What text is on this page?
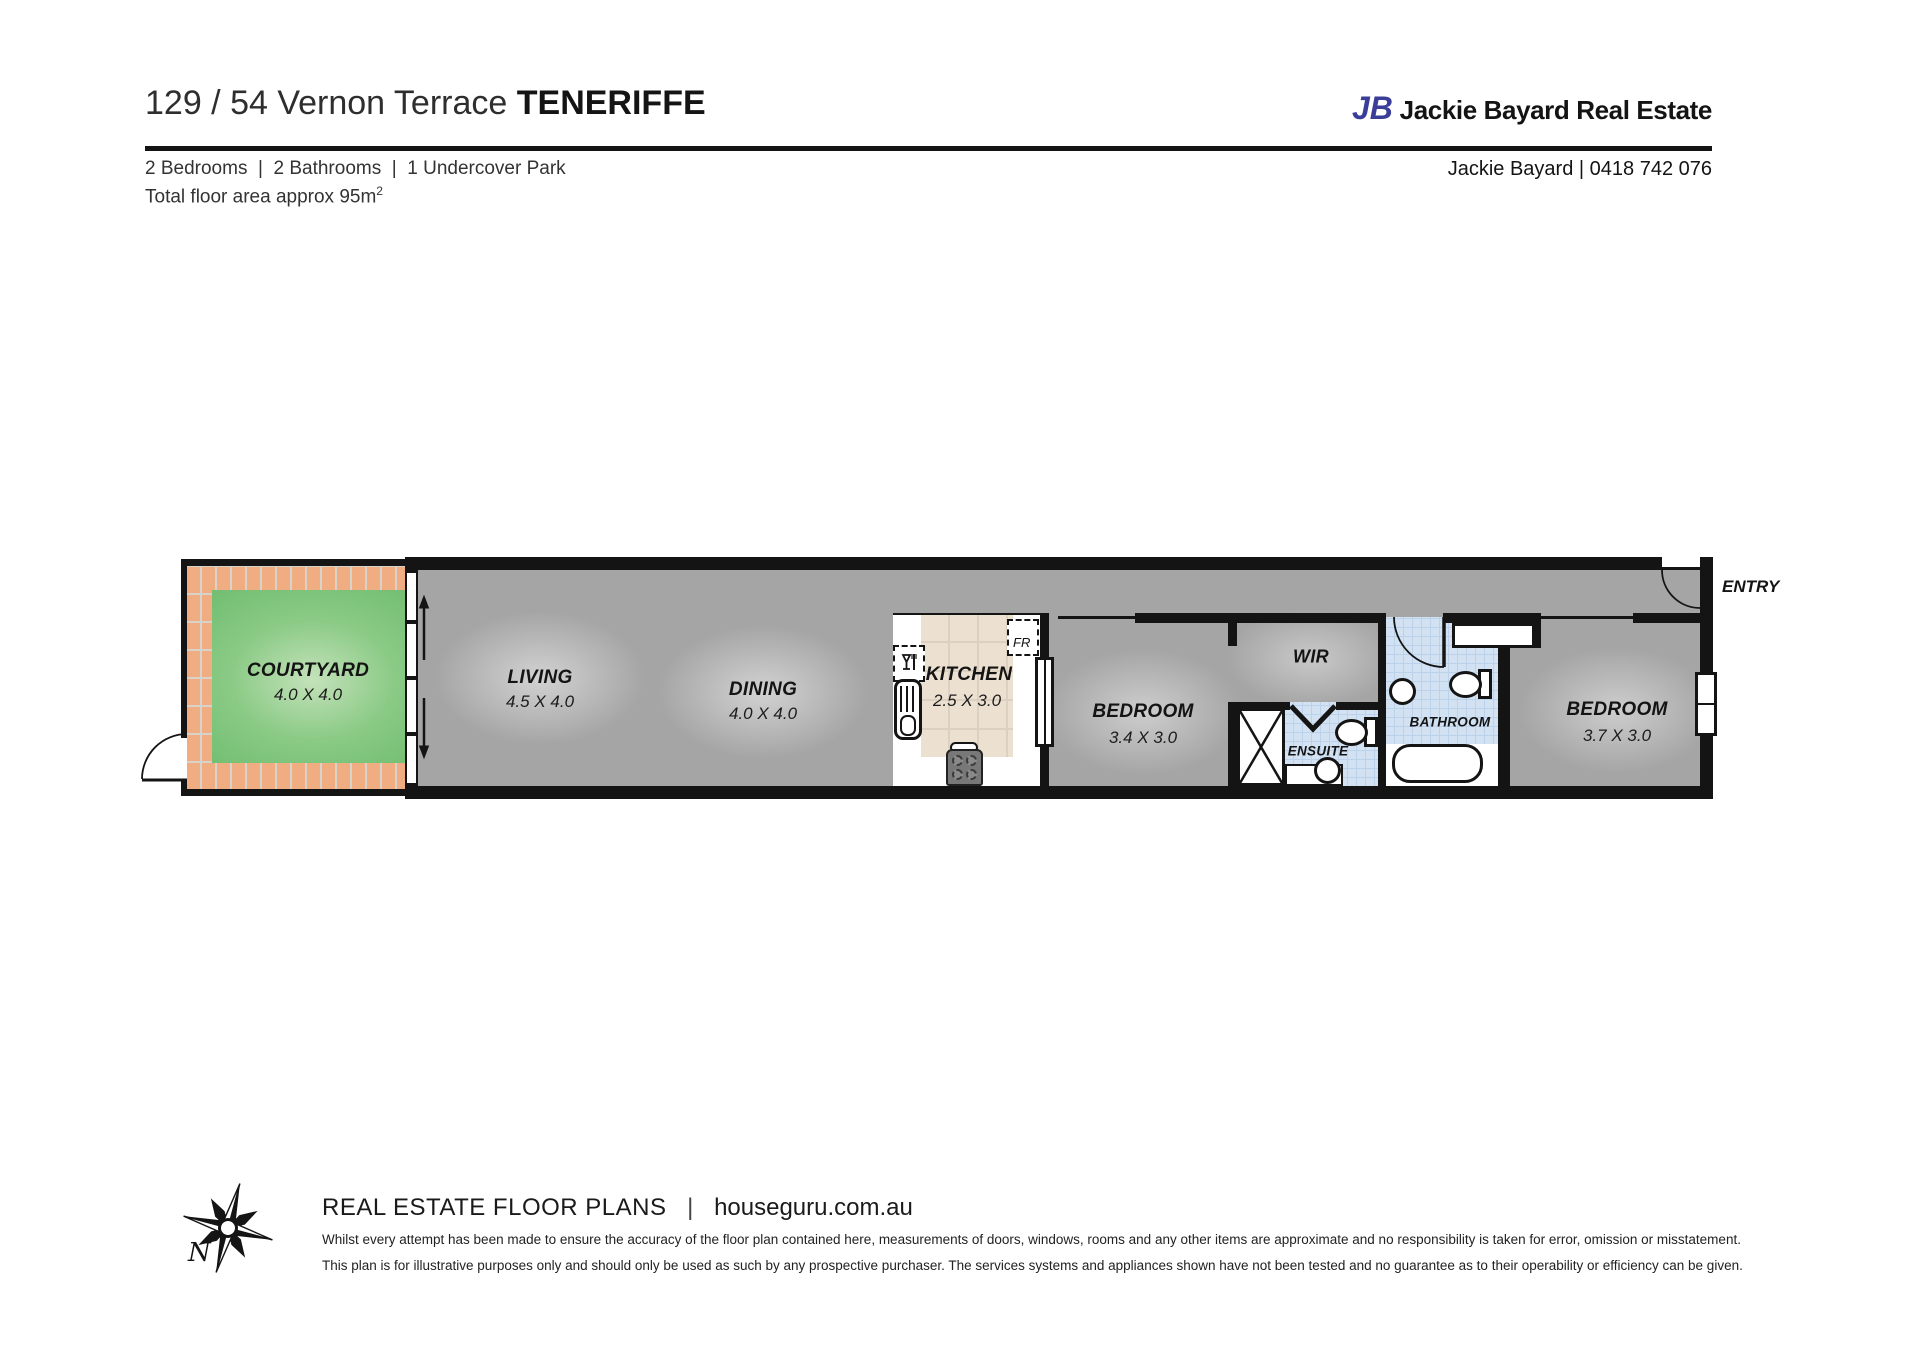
129 / 54 Vernon Terrace TENERIFFE	JB Jackie Bayard Real Estate
2 Bedrooms  |  2 Bathrooms  |  1 Undercover Park
Total floor area approx $95m^2$
Jackie Bayard | 0418 742 076
FR
COURTYARD
4.0 X 4.0
LIVING
4.5 X 4.0
DINING
4.0 X 4.0
KITCHEN
2.5 X 3.0
BEDROOM
3.4 X 3.0
WIR
ENSUITE
BATHROOM
BEDROOM
3.7 X 3.0
ENTRY
N
REAL ESTATE FLOOR PLANS | houseguru.com.au
Whilst every attempt has been made to ensure the accuracy of the floor plan contained here, measurements of doors, windows, rooms and any other items are approximate and no responsibility is taken for error, omission or misstatement.
This plan is for illustrative purposes only and should only be used as such by any prospective purchaser. The services systems and appliances shown have not been tested and no guarantee as to their operability or efficiency can be given.
